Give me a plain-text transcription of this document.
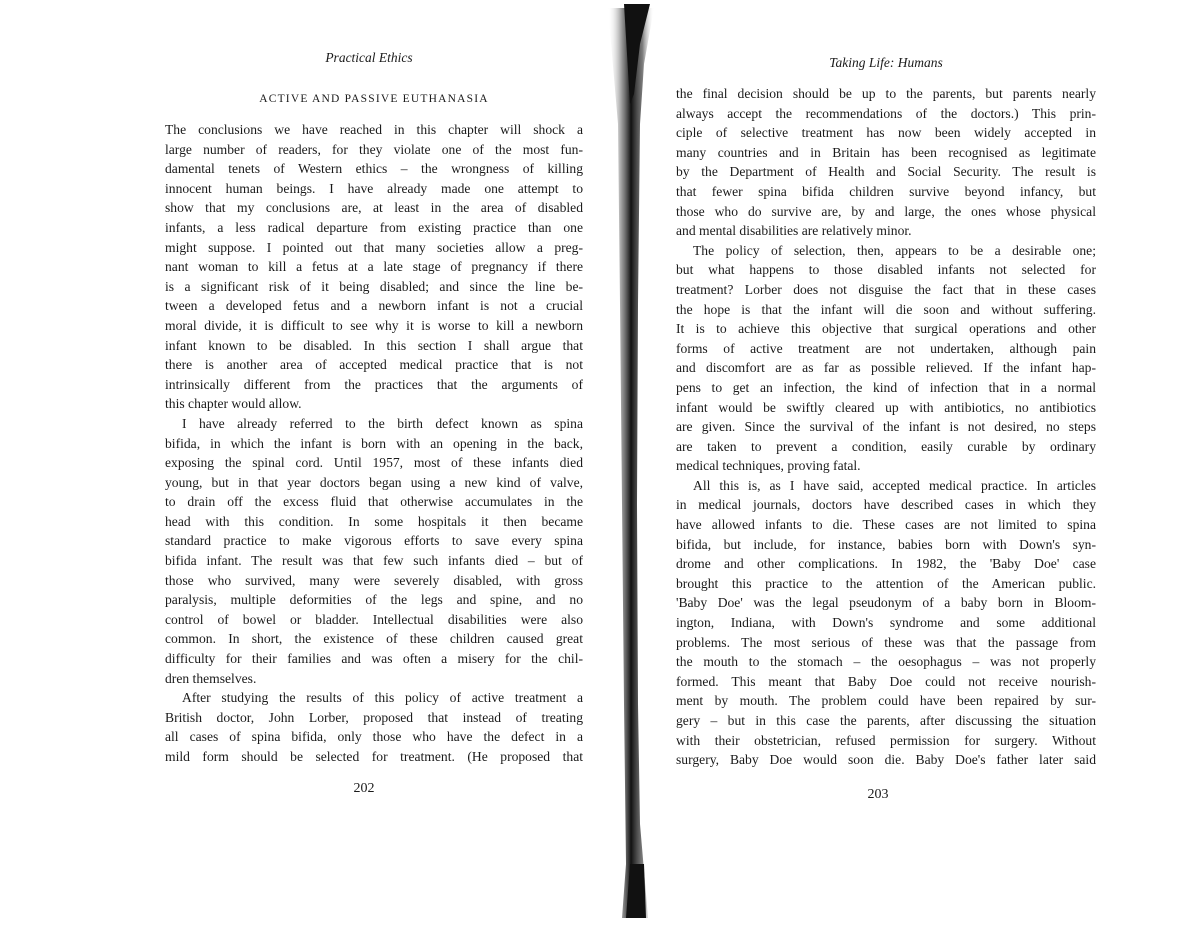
Practical Ethics
ACTIVE AND PASSIVE EUTHANASIA
The conclusions we have reached in this chapter will shock a
large number of readers, for they violate one of the most fun-
damental tenets of Western ethics – the wrongness of killing
innocent human beings. I have already made one attempt to
show that my conclusions are, at least in the area of disabled
infants, a less radical departure from existing practice than one
might suppose. I pointed out that many societies allow a preg-
nant woman to kill a fetus at a late stage of pregnancy if there
is a significant risk of it being disabled; and since the line be-
tween a developed fetus and a newborn infant is not a crucial
moral divide, it is difficult to see why it is worse to kill a newborn
infant known to be disabled. In this section I shall argue that
there is another area of accepted medical practice that is not
intrinsically different from the practices that the arguments of
this chapter would allow.
I have already referred to the birth defect known as spina
bifida, in which the infant is born with an opening in the back,
exposing the spinal cord. Until 1957, most of these infants died
young, but in that year doctors began using a new kind of valve,
to drain off the excess fluid that otherwise accumulates in the
head with this condition. In some hospitals it then became
standard practice to make vigorous efforts to save every spina
bifida infant. The result was that few such infants died – but of
those who survived, many were severely disabled, with gross
paralysis, multiple deformities of the legs and spine, and no
control of bowel or bladder. Intellectual disabilities were also
common. In short, the existence of these children caused great
difficulty for their families and was often a misery for the chil-
dren themselves.
After studying the results of this policy of active treatment a
British doctor, John Lorber, proposed that instead of treating
all cases of spina bifida, only those who have the defect in a
mild form should be selected for treatment. (He proposed that
202
Taking Life: Humans
the final decision should be up to the parents, but parents nearly
always accept the recommendations of the doctors.) This prin-
ciple of selective treatment has now been widely accepted in
many countries and in Britain has been recognised as legitimate
by the Department of Health and Social Security. The result is
that fewer spina bifida children survive beyond infancy, but
those who do survive are, by and large, the ones whose physical
and mental disabilities are relatively minor.
The policy of selection, then, appears to be a desirable one;
but what happens to those disabled infants not selected for
treatment? Lorber does not disguise the fact that in these cases
the hope is that the infant will die soon and without suffering.
It is to achieve this objective that surgical operations and other
forms of active treatment are not undertaken, although pain
and discomfort are as far as possible relieved. If the infant hap-
pens to get an infection, the kind of infection that in a normal
infant would be swiftly cleared up with antibiotics, no antibiotics
are given. Since the survival of the infant is not desired, no steps
are taken to prevent a condition, easily curable by ordinary
medical techniques, proving fatal.
All this is, as I have said, accepted medical practice. In articles
in medical journals, doctors have described cases in which they
have allowed infants to die. These cases are not limited to spina
bifida, but include, for instance, babies born with Down's syn-
drome and other complications. In 1982, the 'Baby Doe' case
brought this practice to the attention of the American public.
'Baby Doe' was the legal pseudonym of a baby born in Bloom-
ington, Indiana, with Down's syndrome and some additional
problems. The most serious of these was that the passage from
the mouth to the stomach – the oesophagus – was not properly
formed. This meant that Baby Doe could not receive nourish-
ment by mouth. The problem could have been repaired by sur-
gery – but in this case the parents, after discussing the situation
with their obstetrician, refused permission for surgery. Without
surgery, Baby Doe would soon die. Baby Doe's father later said
203
